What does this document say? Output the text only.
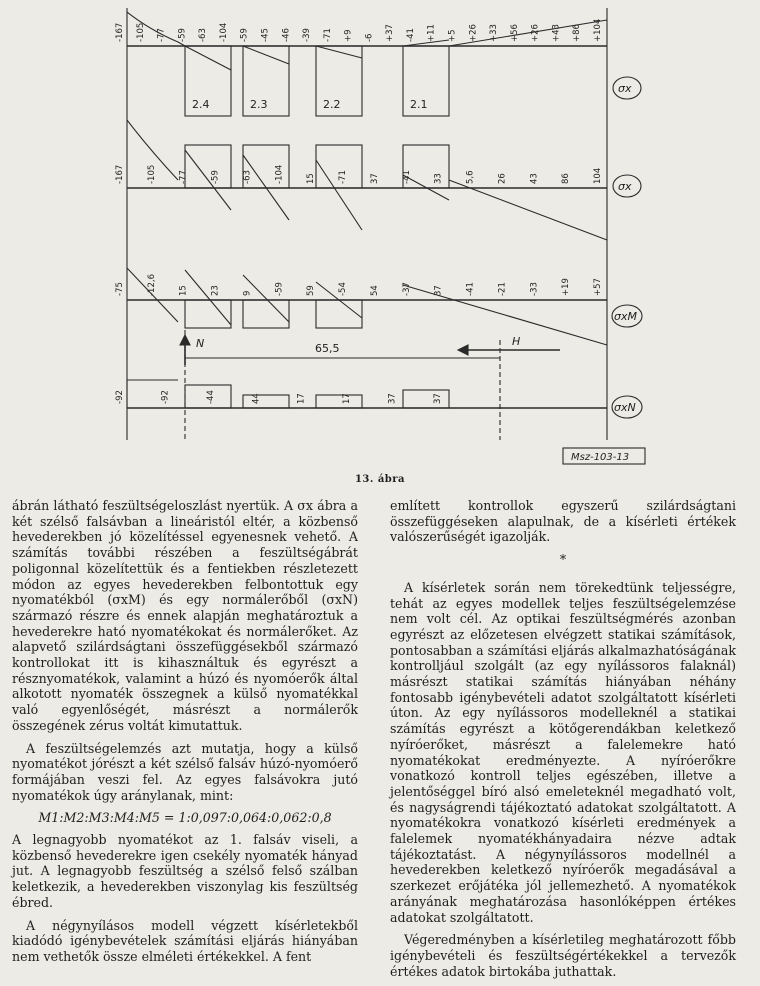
2.4	2.3	2.2	2.1
σx
σx
σxM
σxN
65,5
N	H
Msz-103-13
-167 -105 -77 -59 -63 -104 -59 -45 -46 -39 -71 +9 -6 +37 -41 +11 +5 +26 +33 +56 +26 +43 +86 +104
-167	-105	-77	-59	-63	-104	15	-71	37	-41	33	5,6	26	43	86	104
-75	-12,6	15	23	9	-59	59	-54	54	-37	37	-41	-21	-33	+19	+57
-92	-92	-44	44	17	17	37	37
13. ábra

ábrán látható feszültségeloszlást nyertük. A σx ábra a két szélső falsávban a lineáristól eltér, a közbenső hevederekben jó közelítéssel egyenesnek vehető. A számítás további részében a feszültségábrát poligonnal közelítettük és a fentiekben részletezett módon az egyes hevederekben felbontottuk egy nyomatékból (σxM) és egy normálerőből (σxN) származó részre és ennek alapján meghatároztuk a hevederekre ható nyomatékokat és normálerőket. Az alapvető szilárdságtani összefüggésekből származó kontrollokat itt is kihasználtuk és egyrészt a résznyomatékok, valamint a húzó és nyomóerők által alkotott nyomaték összegnek a külső nyomatékkal való egyenlőségét, másrészt a normálerők összegének zérus voltát kimutattuk.

A feszültségelemzés azt mutatja, hogy a külső nyomatékot jórészt a két szélső falsáv húzó-nyomóerő formájában veszi fel. Az egyes falsávokra jutó nyomatékok úgy aránylanak, mint:

M1:M2:M3:M4:M5 = 1:0,097:0,064:0,062:0,8

A legnagyobb nyomatékot az 1. falsáv viseli, a közbenső hevederekre igen csekély nyomaték hányad jut. A legnagyobb feszültség a szélső felső szálban keletkezik, a hevederekben viszonylag kis feszültség ébred.

A négynyílásos modell végzett kísérletekből kiadódó igénybevételek számítási eljárás hiányában nem vethetők össze elméleti értékekkel. A fent

említett kontrollok egyszerű szilárdságtani összefüggéseken alapulnak, de a kísérleti értékek valószerűségét igazolják.

*

A kísérletek során nem törekedtünk teljességre, tehát az egyes modellek teljes feszültségelemzése nem volt cél. Az optikai feszültségmérés azonban egyrészt az előzetesen elvégzett statikai számítások, pontosabban a számítási eljárás alkalmazhatóságának kontrolljául szolgált (az egy nyílássoros falaknál) másrészt statikai számítás hiányában néhány fontosabb igénybevételi adatot szolgáltatott kísérleti úton. Az egy nyílássoros modelleknél a statikai számítás egyrészt a kötőgerendákban keletkező nyíróerőket, másrészt a falelemekre ható nyomatékokat eredményezte. A nyíróerőkre vonatkozó kontroll teljes egészében, illetve a jelentőséggel bíró alsó emeleteknél megadható volt, és nagyságrendi tájékoztató adatokat szolgáltatott. A nyomatékokra vonatkozó kísérleti eredmények a falelemek nyomatékhányadaira nézve adtak tájékoztatást. A négynyílássoros modellnél a hevederekben keletkező nyíróerők megadásával a szerkezet erőjátéka jól jellemezhető. A nyomatékok arányának meghatározása hasonlóképpen értékes adatokat szolgáltatott.

Végeredményben a kísérletileg meghatározott főbb igénybevételi és feszültségértékekkel a tervezők értékes adatok birtokába juthattak.
